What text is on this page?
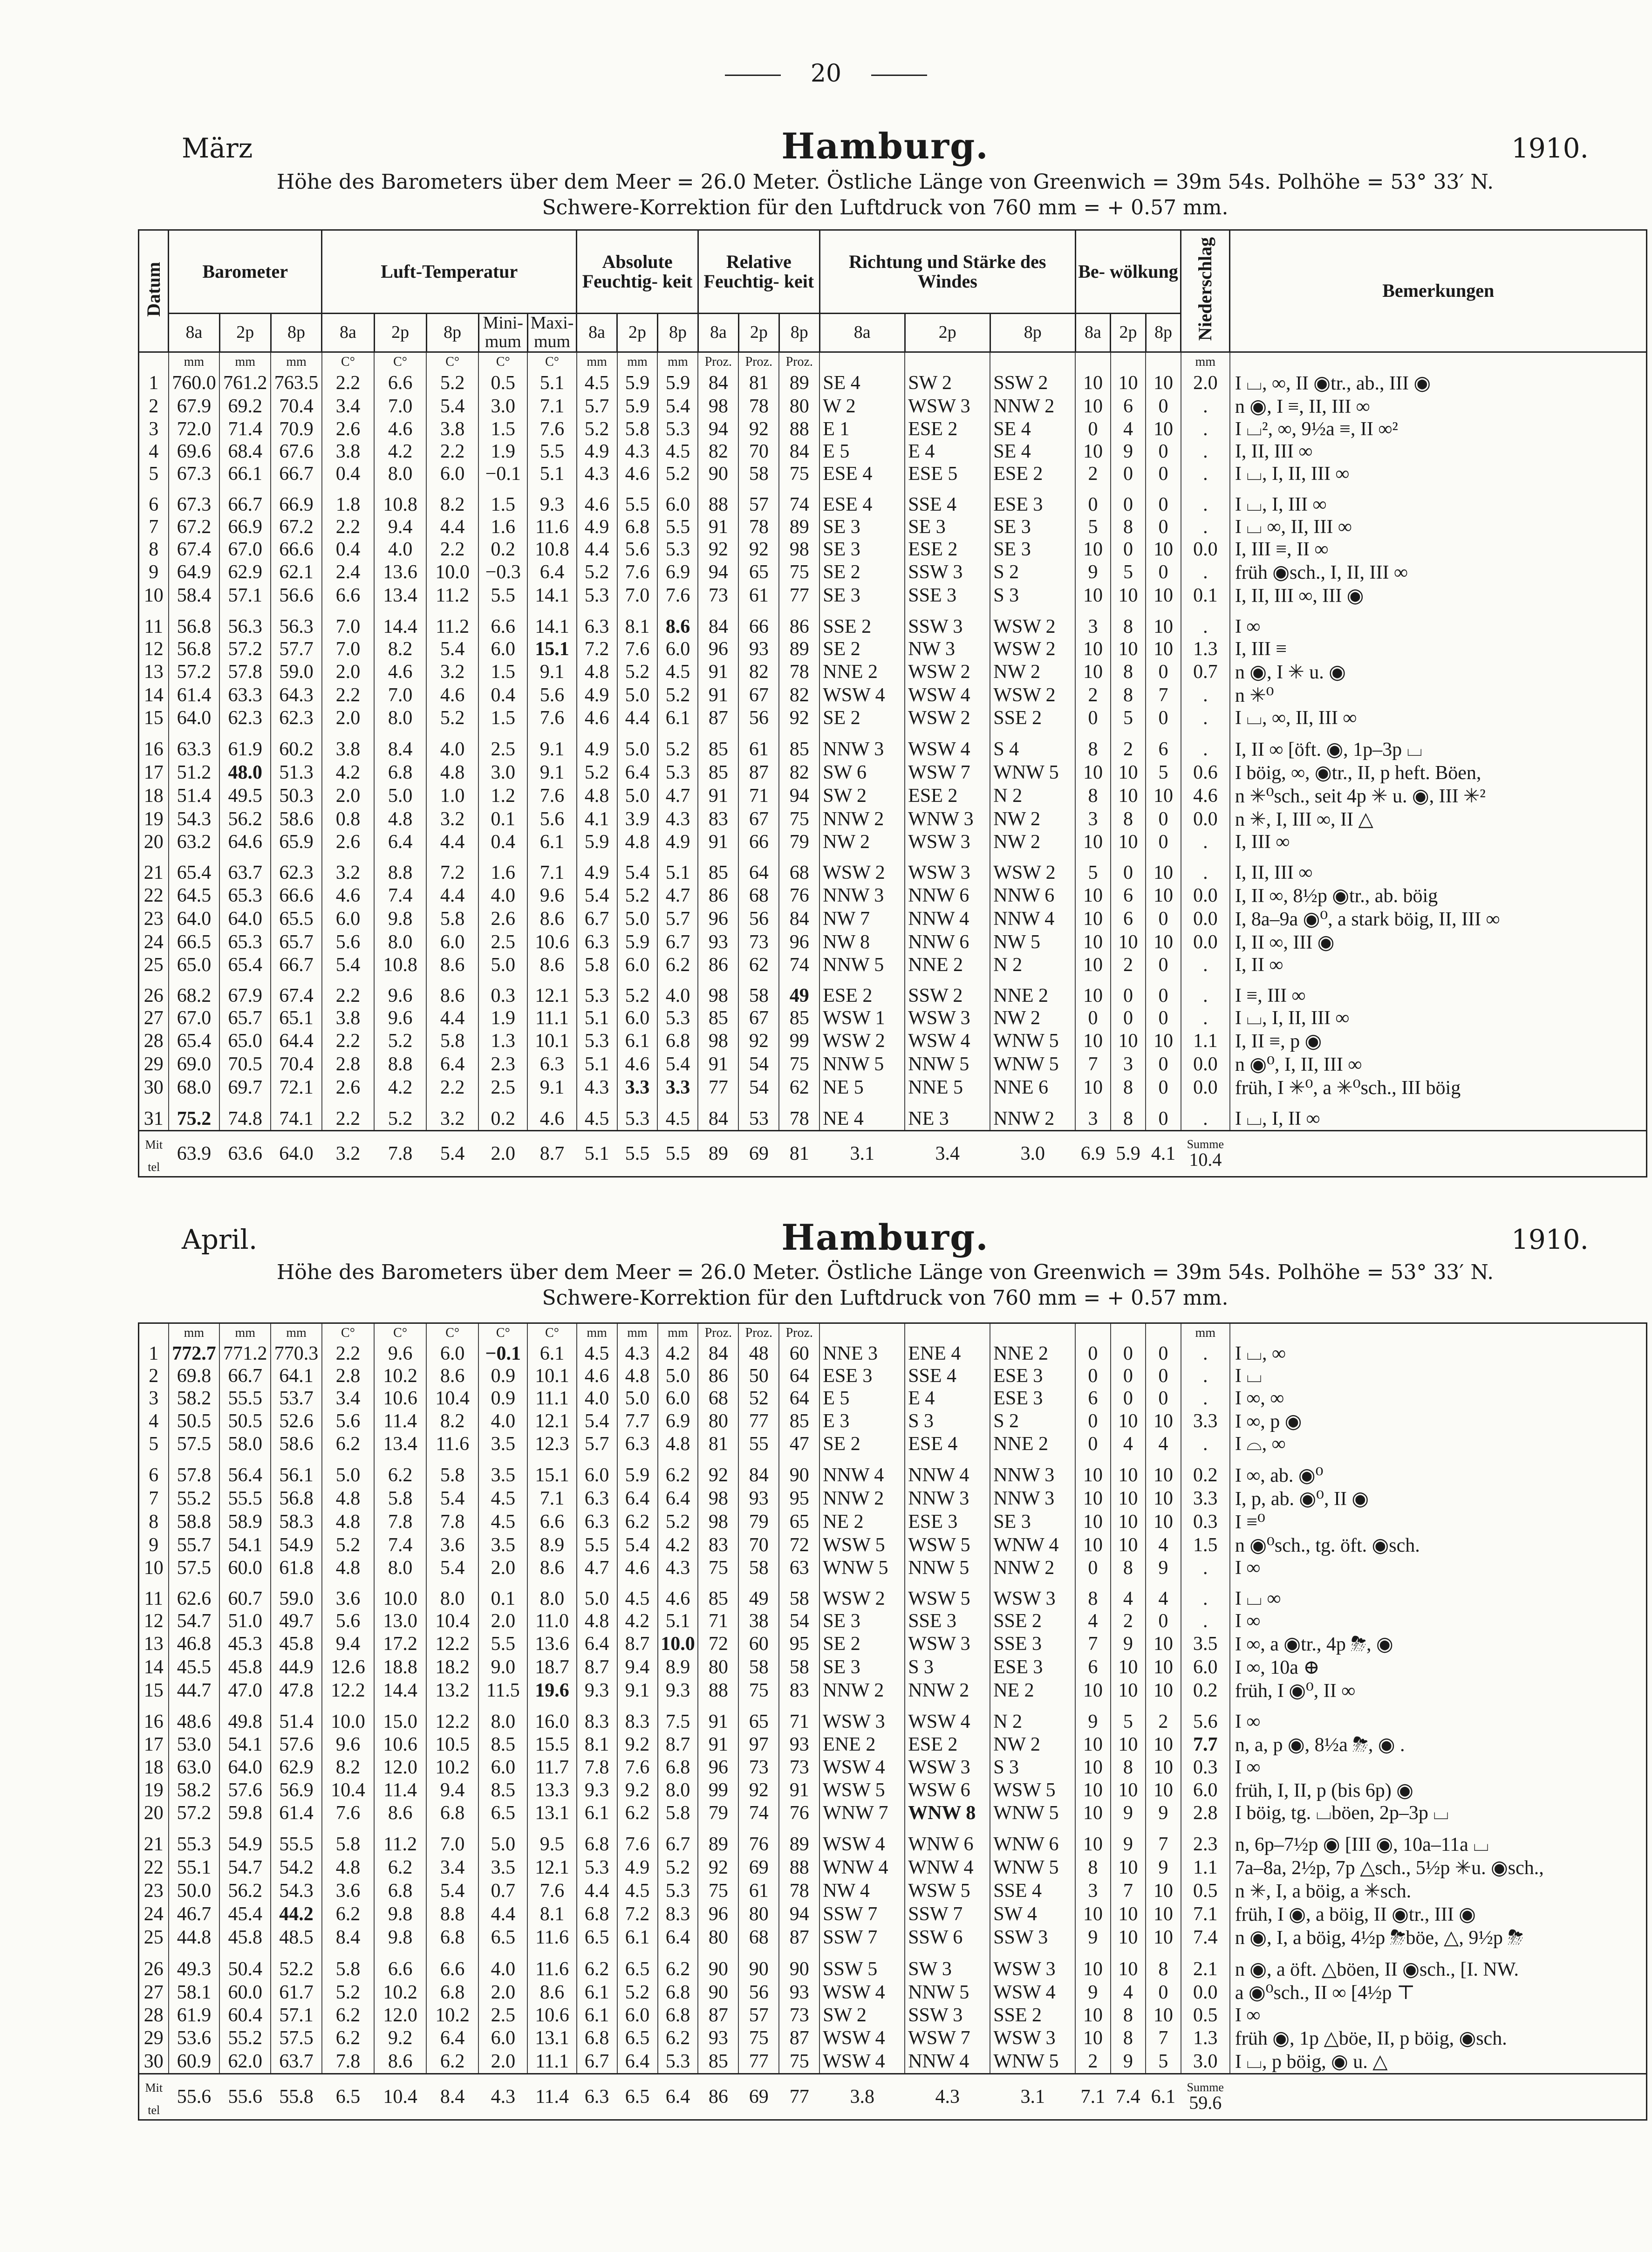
20
März	Hamburg.	1910.
Höhe des Barometers über dem Meer = 26.0 Meter. Östliche Länge von Greenwich = 39m 54s. Polhöhe = 53° 33′ N.
Schwere-Korrektion für den Luftdruck von 760 mm = + 0.57 mm.
Datum	Barometer			Luft-Temperatur					Absolute Feuchtig- keit			Relative Feuchtig- keit			Richtung und Stärke des Windes			Be- wölkung			Niederschlag	Bemerkungen
	8a	2p	8p	8a	2p	8p	Mini- mum	Maxi- mum	8a	2p	8p	8a	2p	8p	8a	2p	8p	8a	2p	8p		
	mm	mm	mm	C°	C°	C°	C°	C°	mm	mm	mm	Proz.	Proz.	Proz.							mm	
1	760.0	761.2	763.5	2.2	6.6	5.2	0.5	5.1	4.5	5.9	5.9	84	81	89	SE 4	SW 2	SSW 2	10	10	10	2.0	I ⌴, ∞, II ◉tr., ab., III ◉
2	67.9	69.2	70.4	3.4	7.0	5.4	3.0	7.1	5.7	5.9	5.4	98	78	80	W 2	WSW 3	NNW 2	10	6	0	.	n ◉, I ≡, II, III ∞
3	72.0	71.4	70.9	2.6	4.6	3.8	1.5	7.6	5.2	5.8	5.3	94	92	88	E 1	ESE 2	SE 4	0	4	10	.	I ⌴², ∞, 9½a ≡, II ∞²
4	69.6	68.4	67.6	3.8	4.2	2.2	1.9	5.5	4.9	4.3	4.5	82	70	84	E 5	E 4	SE 4	10	9	0	.	I, II, III ∞
5	67.3	66.1	66.7	0.4	8.0	6.0	−0.1	5.1	4.3	4.6	5.2	90	58	75	ESE 4	ESE 5	ESE 2	2	0	0	.	I ⌴, I, II, III ∞
6	67.3	66.7	66.9	1.8	10.8	8.2	1.5	9.3	4.6	5.5	6.0	88	57	74	ESE 4	SSE 4	ESE 3	0	0	0	.	I ⌴, I, III ∞
7	67.2	66.9	67.2	2.2	9.4	4.4	1.6	11.6	4.9	6.8	5.5	91	78	89	SE 3	SE 3	SE 3	5	8	0	.	I ⌴ ∞, II, III ∞
8	67.4	67.0	66.6	0.4	4.0	2.2	0.2	10.8	4.4	5.6	5.3	92	92	98	SE 3	ESE 2	SE 3	10	0	10	0.0	I, III ≡, II ∞
9	64.9	62.9	62.1	2.4	13.6	10.0	−0.3	6.4	5.2	7.6	6.9	94	65	75	SE 2	SSW 3	S 2	9	5	0	.	früh ◉sch., I, II, III ∞
10	58.4	57.1	56.6	6.6	13.4	11.2	5.5	14.1	5.3	7.0	7.6	73	61	77	SE 3	SSE 3	S 3	10	10	10	0.1	I, II, III ∞, III ◉
11	56.8	56.3	56.3	7.0	14.4	11.2	6.6	14.1	6.3	8.1	8.6	84	66	86	SSE 2	SSW 3	WSW 2	3	8	10	.	I ∞
12	56.8	57.2	57.7	7.0	8.2	5.4	6.0	15.1	7.2	7.6	6.0	96	93	89	SE 2	NW 3	WSW 2	10	10	10	1.3	I, III ≡
13	57.2	57.8	59.0	2.0	4.6	3.2	1.5	9.1	4.8	5.2	4.5	91	82	78	NNE 2	WSW 2	NW 2	10	8	0	0.7	n ◉, I ✳ u. ◉
14	61.4	63.3	64.3	2.2	7.0	4.6	0.4	5.6	4.9	5.0	5.2	91	67	82	WSW 4	WSW 4	WSW 2	2	8	7	.	n ✳⁰
15	64.0	62.3	62.3	2.0	8.0	5.2	1.5	7.6	4.6	4.4	6.1	87	56	92	SE 2	WSW 2	SSE 2	0	5	0	.	I ⌴, ∞, II, III ∞
16	63.3	61.9	60.2	3.8	8.4	4.0	2.5	9.1	4.9	5.0	5.2	85	61	85	NNW 3	WSW 4	S 4	8	2	6	.	I, II ∞ [öft. ◉, 1p–3p ⌴
17	51.2	48.0	51.3	4.2	6.8	4.8	3.0	9.1	5.2	6.4	5.3	85	87	82	SW 6	WSW 7	WNW 5	10	10	5	0.6	I böig, ∞, ◉tr., II, p heft. Böen,
18	51.4	49.5	50.3	2.0	5.0	1.0	1.2	7.6	4.8	5.0	4.7	91	71	94	SW 2	ESE 2	N 2	8	10	10	4.6	n ✳⁰sch., seit 4p ✳ u. ◉, III ✳²
19	54.3	56.2	58.6	0.8	4.8	3.2	0.1	5.6	4.1	3.9	4.3	83	67	75	NNW 2	WNW 3	NW 2	3	8	0	0.0	n ✳, I, III ∞, II △
20	63.2	64.6	65.9	2.6	6.4	4.4	0.4	6.1	5.9	4.8	4.9	91	66	79	NW 2	WSW 3	NW 2	10	10	0	.	I, III ∞
21	65.4	63.7	62.3	3.2	8.8	7.2	1.6	7.1	4.9	5.4	5.1	85	64	68	WSW 2	WSW 3	WSW 2	5	0	10	.	I, II, III ∞
22	64.5	65.3	66.6	4.6	7.4	4.4	4.0	9.6	5.4	5.2	4.7	86	68	76	NNW 3	NNW 6	NNW 6	10	6	10	0.0	I, II ∞, 8½p ◉tr., ab. böig
23	64.0	64.0	65.5	6.0	9.8	5.8	2.6	8.6	6.7	5.0	5.7	96	56	84	NW 7	NNW 4	NNW 4	10	6	0	0.0	I, 8a–9a ◉⁰, a stark böig, II, III ∞
24	66.5	65.3	65.7	5.6	8.0	6.0	2.5	10.6	6.3	5.9	6.7	93	73	96	NW 8	NNW 6	NW 5	10	10	10	0.0	I, II ∞, III ◉
25	65.0	65.4	66.7	5.4	10.8	8.6	5.0	8.6	5.8	6.0	6.2	86	62	74	NNW 5	NNE 2	N 2	10	2	0	.	I, II ∞
26	68.2	67.9	67.4	2.2	9.6	8.6	0.3	12.1	5.3	5.2	4.0	98	58	49	ESE 2	SSW 2	NNE 2	10	0	0	.	I ≡, III ∞
27	67.0	65.7	65.1	3.8	9.6	4.4	1.9	11.1	5.1	6.0	5.3	85	67	85	WSW 1	WSW 3	NW 2	0	0	0	.	I ⌴, I, II, III ∞
28	65.4	65.0	64.4	2.2	5.2	5.8	1.3	10.1	5.3	6.1	6.8	98	92	99	WSW 2	WSW 4	WNW 5	10	10	10	1.1	I, II ≡, p ◉
29	69.0	70.5	70.4	2.8	8.8	6.4	2.3	6.3	5.1	4.6	5.4	91	54	75	NNW 5	NNW 5	WNW 5	7	3	0	0.0	n ◉⁰, I, II, III ∞
30	68.0	69.7	72.1	2.6	4.2	2.2	2.5	9.1	4.3	3.3	3.3	77	54	62	NE 5	NNE 5	NNE 6	10	8	0	0.0	früh, I ✳⁰, a ✳⁰sch., III böig
31	75.2	74.8	74.1	2.2	5.2	3.2	0.2	4.6	4.5	5.3	4.5	84	53	78	NE 4	NE 3	NNW 2	3	8	0	.	I ⌴, I, II ∞
Mit
tel	63.9	63.6	64.0	3.2	7.8	5.4	2.0	8.7	5.1	5.5	5.5	89	69	81	3.1	3.4	3.0	6.9	5.9	4.1	Summe
10.4	

April.	Hamburg.	1910.
Höhe des Barometers über dem Meer = 26.0 Meter. Östliche Länge von Greenwich = 39m 54s. Polhöhe = 53° 33′ N.
Schwere-Korrektion für den Luftdruck von 760 mm = + 0.57 mm.
	mm	mm	mm	C°	C°	C°	C°	C°	mm	mm	mm	Proz.	Proz.	Proz.							mm	
1	772.7	771.2	770.3	2.2	9.6	6.0	−0.1	6.1	4.5	4.3	4.2	84	48	60	NNE 3	ENE 4	NNE 2	0	0	0	.	I ⌴, ∞
2	69.8	66.7	64.1	2.8	10.2	8.6	0.9	10.1	4.6	4.8	5.0	86	50	64	ESE 3	SSE 4	ESE 3	0	0	0	.	I ⌴
3	58.2	55.5	53.7	3.4	10.6	10.4	0.9	11.1	4.0	5.0	6.0	68	52	64	E 5	E 4	ESE 3	6	0	0	.	I ∞, ∞
4	50.5	50.5	52.6	5.6	11.4	8.2	4.0	12.1	5.4	7.7	6.9	80	77	85	E 3	S 3	S 2	0	10	10	3.3	I ∞, p ◉
5	57.5	58.0	58.6	6.2	13.4	11.6	3.5	12.3	5.7	6.3	4.8	81	55	47	SE 2	ESE 4	NNE 2	0	4	4	.	I ⌓, ∞
6	57.8	56.4	56.1	5.0	6.2	5.8	3.5	15.1	6.0	5.9	6.2	92	84	90	NNW 4	NNW 4	NNW 3	10	10	10	0.2	I ∞, ab. ◉⁰
7	55.2	55.5	56.8	4.8	5.8	5.4	4.5	7.1	6.3	6.4	6.4	98	93	95	NNW 2	NNW 3	NNW 3	10	10	10	3.3	I, p, ab. ◉⁰, II ◉
8	58.8	58.9	58.3	4.8	7.8	7.8	4.5	6.6	6.3	6.2	5.2	98	79	65	NE 2	ESE 3	SE 3	10	10	10	0.3	I ≡⁰
9	55.7	54.1	54.9	5.2	7.4	3.6	3.5	8.9	5.5	5.4	4.2	83	70	72	WSW 5	WSW 5	WNW 4	10	10	4	1.5	n ◉⁰sch., tg. öft. ◉sch.
10	57.5	60.0	61.8	4.8	8.0	5.4	2.0	8.6	4.7	4.6	4.3	75	58	63	WNW 5	NNW 5	NNW 2	0	8	9	.	I ∞
11	62.6	60.7	59.0	3.6	10.0	8.0	0.1	8.0	5.0	4.5	4.6	85	49	58	WSW 2	WSW 5	WSW 3	8	4	4	.	I ⌴ ∞
12	54.7	51.0	49.7	5.6	13.0	10.4	2.0	11.0	4.8	4.2	5.1	71	38	54	SE 3	SSE 3	SSE 2	4	2	0	.	I ∞
13	46.8	45.3	45.8	9.4	17.2	12.2	5.5	13.6	6.4	8.7	10.0	72	60	95	SE 2	WSW 3	SSE 3	7	9	10	3.5	I ∞, a ◉tr., 4p ⛈, ◉
14	45.5	45.8	44.9	12.6	18.8	18.2	9.0	18.7	8.7	9.4	8.9	80	58	58	SE 3	S 3	ESE 3	6	10	10	6.0	I ∞, 10a ⊕
15	44.7	47.0	47.8	12.2	14.4	13.2	11.5	19.6	9.3	9.1	9.3	88	75	83	NNW 2	NNW 2	NE 2	10	10	10	0.2	früh, I ◉⁰, II ∞
16	48.6	49.8	51.4	10.0	15.0	12.2	8.0	16.0	8.3	8.3	7.5	91	65	71	WSW 3	WSW 4	N 2	9	5	2	5.6	I ∞
17	53.0	54.1	57.6	9.6	10.6	10.5	8.5	15.5	8.1	9.2	8.7	91	97	93	ENE 2	ESE 2	NW 2	10	10	10	7.7	n, a, p ◉, 8½a ⛈, ◉ .
18	63.0	64.0	62.9	8.2	12.0	10.2	6.0	11.7	7.8	7.6	6.8	96	73	73	WSW 4	WSW 3	S 3	10	8	10	0.3	I ∞
19	58.2	57.6	56.9	10.4	11.4	9.4	8.5	13.3	9.3	9.2	8.0	99	92	91	WSW 5	WSW 6	WSW 5	10	10	10	6.0	früh, I, II, p (bis 6p) ◉
20	57.2	59.8	61.4	7.6	8.6	6.8	6.5	13.1	6.1	6.2	5.8	79	74	76	WNW 7	WNW 8	WNW 5	10	9	9	2.8	I böig, tg. ⌴böen, 2p–3p ⌴
21	55.3	54.9	55.5	5.8	11.2	7.0	5.0	9.5	6.8	7.6	6.7	89	76	89	WSW 4	WNW 6	WNW 6	10	9	7	2.3	n, 6p–7½p ◉ [III ◉, 10a–11a ⌴
22	55.1	54.7	54.2	4.8	6.2	3.4	3.5	12.1	5.3	4.9	5.2	92	69	88	WNW 4	WNW 4	WNW 5	8	10	9	1.1	7a–8a, 2½p, 7p △sch., 5½p ✳u. ◉sch.,
23	50.0	56.2	54.3	3.6	6.8	5.4	0.7	7.6	4.4	4.5	5.3	75	61	78	NW 4	WSW 5	SSE 4	3	7	10	0.5	n ✳, I, a böig, a ✳sch.
24	46.7	45.4	44.2	6.2	9.8	8.8	4.4	8.1	6.8	7.2	8.3	96	80	94	SSW 7	SSW 7	SW 4	10	10	10	7.1	früh, I ◉, a böig, II ◉tr., III ◉
25	44.8	45.8	48.5	8.4	9.8	6.8	6.5	11.6	6.5	6.1	6.4	80	68	87	SSW 7	SSW 6	SSW 3	9	10	10	7.4	n ◉, I, a böig, 4½p ⛈böe, △, 9½p ⛈
26	49.3	50.4	52.2	5.8	6.6	6.6	4.0	11.6	6.2	6.5	6.2	90	90	90	SSW 5	SW 3	WSW 3	10	10	8	2.1	n ◉, a öft. △böen, II ◉sch., [I. NW.
27	58.1	60.0	61.7	5.2	10.2	6.8	2.0	8.6	6.1	5.2	6.8	90	56	93	WSW 4	NNW 5	WSW 4	9	4	0	0.0	a ◉⁰sch., II ∞ [4½p ⊤
28	61.9	60.4	57.1	6.2	12.0	10.2	2.5	10.6	6.1	6.0	6.8	87	57	73	SW 2	SSW 3	SSE 2	10	8	10	0.5	I ∞
29	53.6	55.2	57.5	6.2	9.2	6.4	6.0	13.1	6.8	6.5	6.2	93	75	87	WSW 4	WSW 7	WSW 3	10	8	7	1.3	früh ◉, 1p △böe, II, p böig, ◉sch.
30	60.9	62.0	63.7	7.8	8.6	6.2	2.0	11.1	6.7	6.4	5.3	85	77	75	WSW 4	NNW 4	WNW 5	2	9	5	3.0	I ⌴, p böig, ◉ u. △
Mit
tel	55.6	55.6	55.8	6.5	10.4	8.4	4.3	11.4	6.3	6.5	6.4	86	69	77	3.8	4.3	3.1	7.1	7.4	6.1	Summe
59.6	
